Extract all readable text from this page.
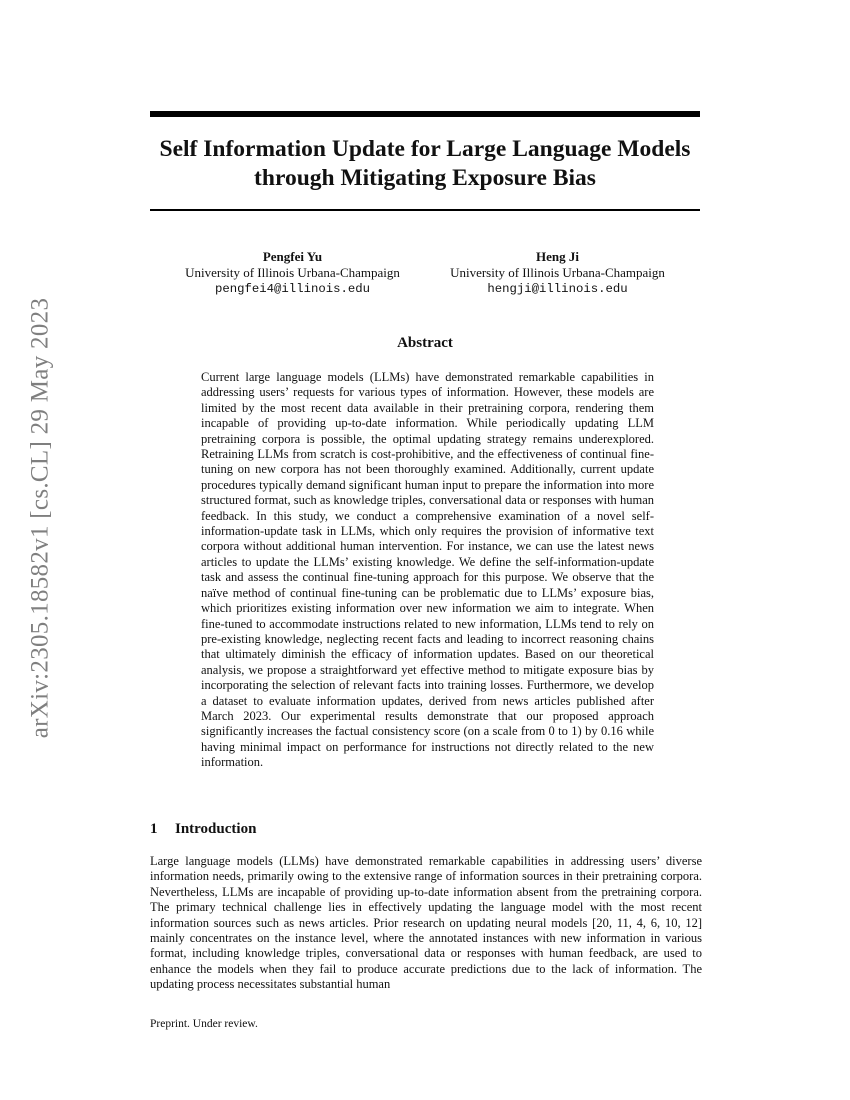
arXiv:2305.18582v1 [cs.CL] 29 May 2023
Self Information Update for Large Language Models
through Mitigating Exposure Bias
Pengfei Yu
University of Illinois Urbana-Champaign
pengfei4@illinois.edu
Heng Ji
University of Illinois Urbana-Champaign
hengji@illinois.edu
Abstract

Current large language models (LLMs) have demonstrated remarkable capabilities in addressing users’ requests for various types of information. However, these models are limited by the most recent data available in their pretraining corpora, rendering them incapable of providing up-to-date information. While periodically updating LLM pretraining corpora is possible, the optimal updating strategy remains underexplored. Retraining LLMs from scratch is cost-prohibitive, and the effectiveness of continual fine-tuning on new corpora has not been thoroughly examined. Additionally, current update procedures typically demand significant human input to prepare the information into more structured format, such as knowledge triples, conversational data or responses with human feedback. In this study, we conduct a comprehensive examination of a novel self-information-update task in LLMs, which only requires the provision of informative text corpora without additional human intervention. For instance, we can use the latest news articles to update the LLMs’ existing knowledge. We define the self-information-update task and assess the continual fine-tuning approach for this purpose. We observe that the naïve method of continual fine-tuning can be problematic due to LLMs’ exposure bias, which prioritizes existing information over new information we aim to integrate. When fine-tuned to accommodate instructions related to new information, LLMs tend to rely on pre-existing knowledge, neglecting recent facts and leading to incorrect reasoning chains that ultimately diminish the efficacy of information updates. Based on our theoretical analysis, we propose a straightforward yet effective method to mitigate exposure bias by incorporating the selection of relevant facts into training losses. Furthermore, we develop a dataset to evaluate information updates, derived from news articles published after March 2023. Our experimental results demonstrate that our proposed approach significantly increases the factual consistency score (on a scale from 0 to 1) by 0.16 while having minimal impact on performance for instructions not directly related to the new information.

1 Introduction

Large language models (LLMs) have demonstrated remarkable capabilities in addressing users’ diverse information needs, primarily owing to the extensive range of information sources in their pretraining corpora. Nevertheless, LLMs are incapable of providing up-to-date information absent from the pretraining corpora. The primary technical challenge lies in effectively updating the language model with the most recent information sources such as news articles. Prior research on updating neural models [20, 11, 4, 6, 10, 12] mainly concentrates on the instance level, where the annotated instances with new information in various format, including knowledge triples, conversational data or responses with human feedback, are used to enhance the models when they fail to produce accurate predictions due to the lack of information. The updating process necessitates substantial human

Preprint. Under review.
